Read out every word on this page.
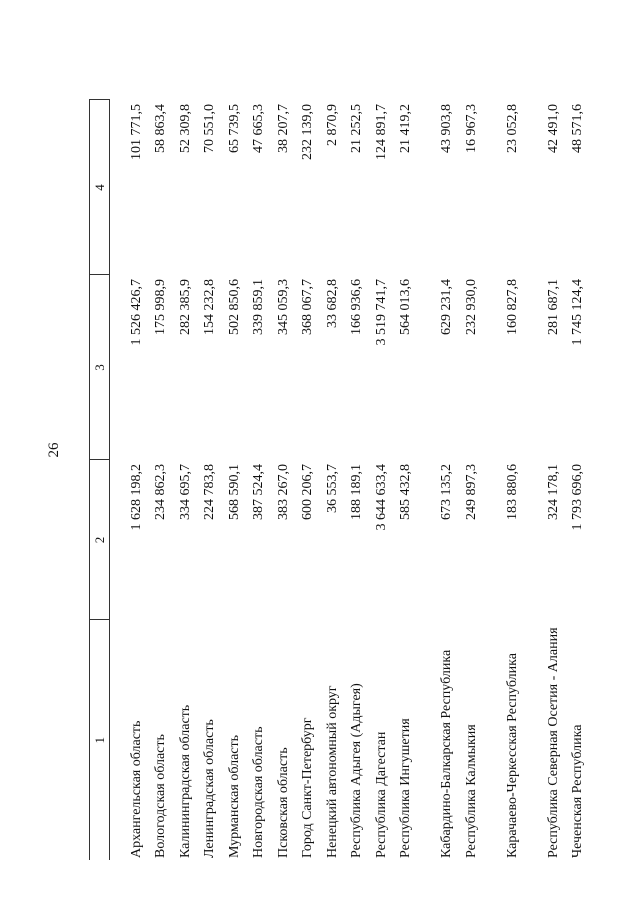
26
1	2	3	4
Архангельская область	1 628 198,2	1 526 426,7	101 771,5
Вологодская область	234 862,3	175 998,9	58 863,4
Калининградская область	334 695,7	282 385,9	52 309,8
Ленинградская область	224 783,8	154 232,8	70 551,0
Мурманская область	568 590,1	502 850,6	65 739,5
Новгородская область	387 524,4	339 859,1	47 665,3
Псковская область	383 267,0	345 059,3	38 207,7
Город Санкт-Петербург	600 206,7	368 067,7	232 139,0
Ненецкий автономный округ	36 553,7	33 682,8	2 870,9
Республика Адыгея (Адыгея)	188 189,1	166 936,6	21 252,5
Республика Дагестан	3 644 633,4	3 519 741,7	124 891,7
Республика Ингушетия	585 432,8	564 013,6	21 419,2
Кабардино-Балкарская Республика	673 135,2	629 231,4	43 903,8
Республика Калмыкия	249 897,3	232 930,0	16 967,3
Карачаево-Черкесская Республика	183 880,6	160 827,8	23 052,8
Республика Северная Осетия - Алания	324 178,1	281 687,1	42 491,0
Чеченская Республика	1 793 696,0	1 745 124,4	48 571,6
